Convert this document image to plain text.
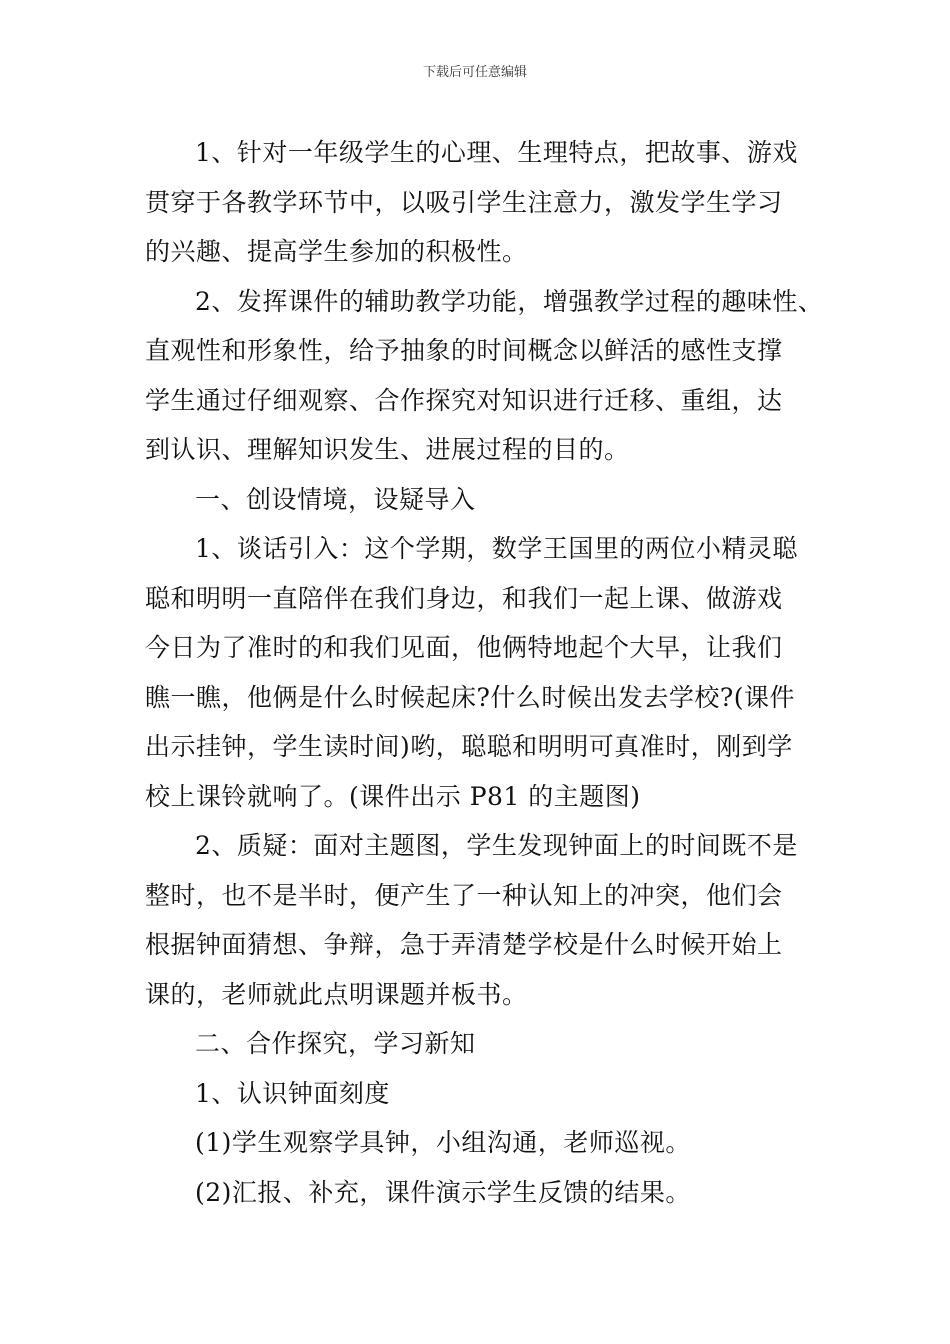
下载后可任意编辑
1、针对一年级学生的心理、生理特点，把故事、游戏
贯穿于各教学环节中，以吸引学生注意力，激发学生学习
的兴趣、提高学生参加的积极性。
2、发挥课件的辅助教学功能，增强教学过程的趣味性、
直观性和形象性，给予抽象的时间概念以鲜活的感性支撑
学生通过仔细观察、合作探究对知识进行迁移、重组，达
到认识、理解知识发生、进展过程的目的。
一、创设情境，设疑导入
1、谈话引入：这个学期，数学王国里的两位小精灵聪
聪和明明一直陪伴在我们身边，和我们一起上课、做游戏
今日为了准时的和我们见面，他俩特地起个大早，让我们
瞧一瞧，他俩是什么时候起床?什么时候出发去学校?(课件
出示挂钟，学生读时间)哟，聪聪和明明可真准时，刚到学
校上课铃就响了。(课件出示 P81 的主题图)
2、质疑：面对主题图，学生发现钟面上的时间既不是
整时，也不是半时，便产生了一种认知上的冲突，他们会
根据钟面猜想、争辩，急于弄清楚学校是什么时候开始上
课的，老师就此点明课题并板书。
二、合作探究，学习新知
1、认识钟面刻度
(1)学生观察学具钟，小组沟通，老师巡视。
(2)汇报、补充，课件演示学生反馈的结果。
